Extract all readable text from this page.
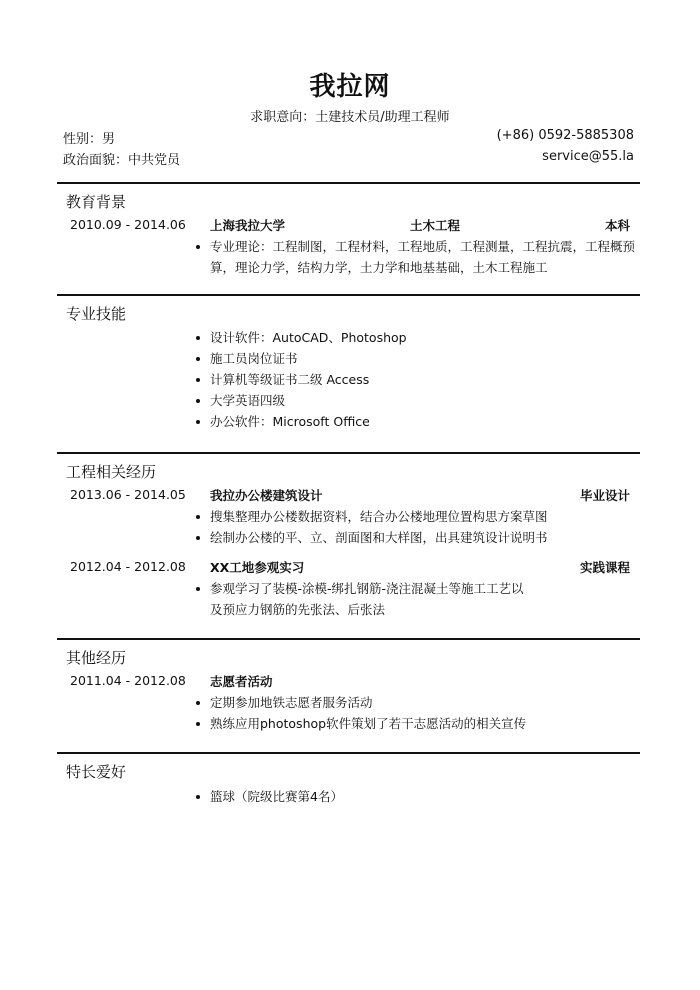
我拉网
求职意向：土建技术员/助理工程师
性别：男
政治面貌：中共党员
(+86) 0592-5885308
service@55.la
教育背景
2010.09 - 2014.06 上海我拉大学	土木工程	本科
专业理论：工程制图，工程材料，工程地质，工程测量，工程抗震，工程概预算，理论力学，结构力学，土力学和地基基础，土木工程施工
专业技能
设计软件：AutoCAD、Photoshop
施工员岗位证书
计算机等级证书二级 Access
大学英语四级
办公软件：Microsoft Office
工程相关经历
2013.06 - 2014.05 我拉办公楼建筑设计	毕业设计
搜集整理办公楼数据资料，结合办公楼地理位置构思方案草图
绘制办公楼的平、立、剖面图和大样图，出具建筑设计说明书
2012.04 - 2012.08 XX工地参观实习	实践课程
参观学习了装模-涂模-绑扎钢筋-浇注混凝土等施工工艺以及预应力钢筋的先张法、后张法
其他经历
2011.04 - 2012.08 志愿者活动
定期参加地铁志愿者服务活动
熟练应用photoshop软件策划了若干志愿活动的相关宣传
特长爱好
篮球（院级比赛第4名）
